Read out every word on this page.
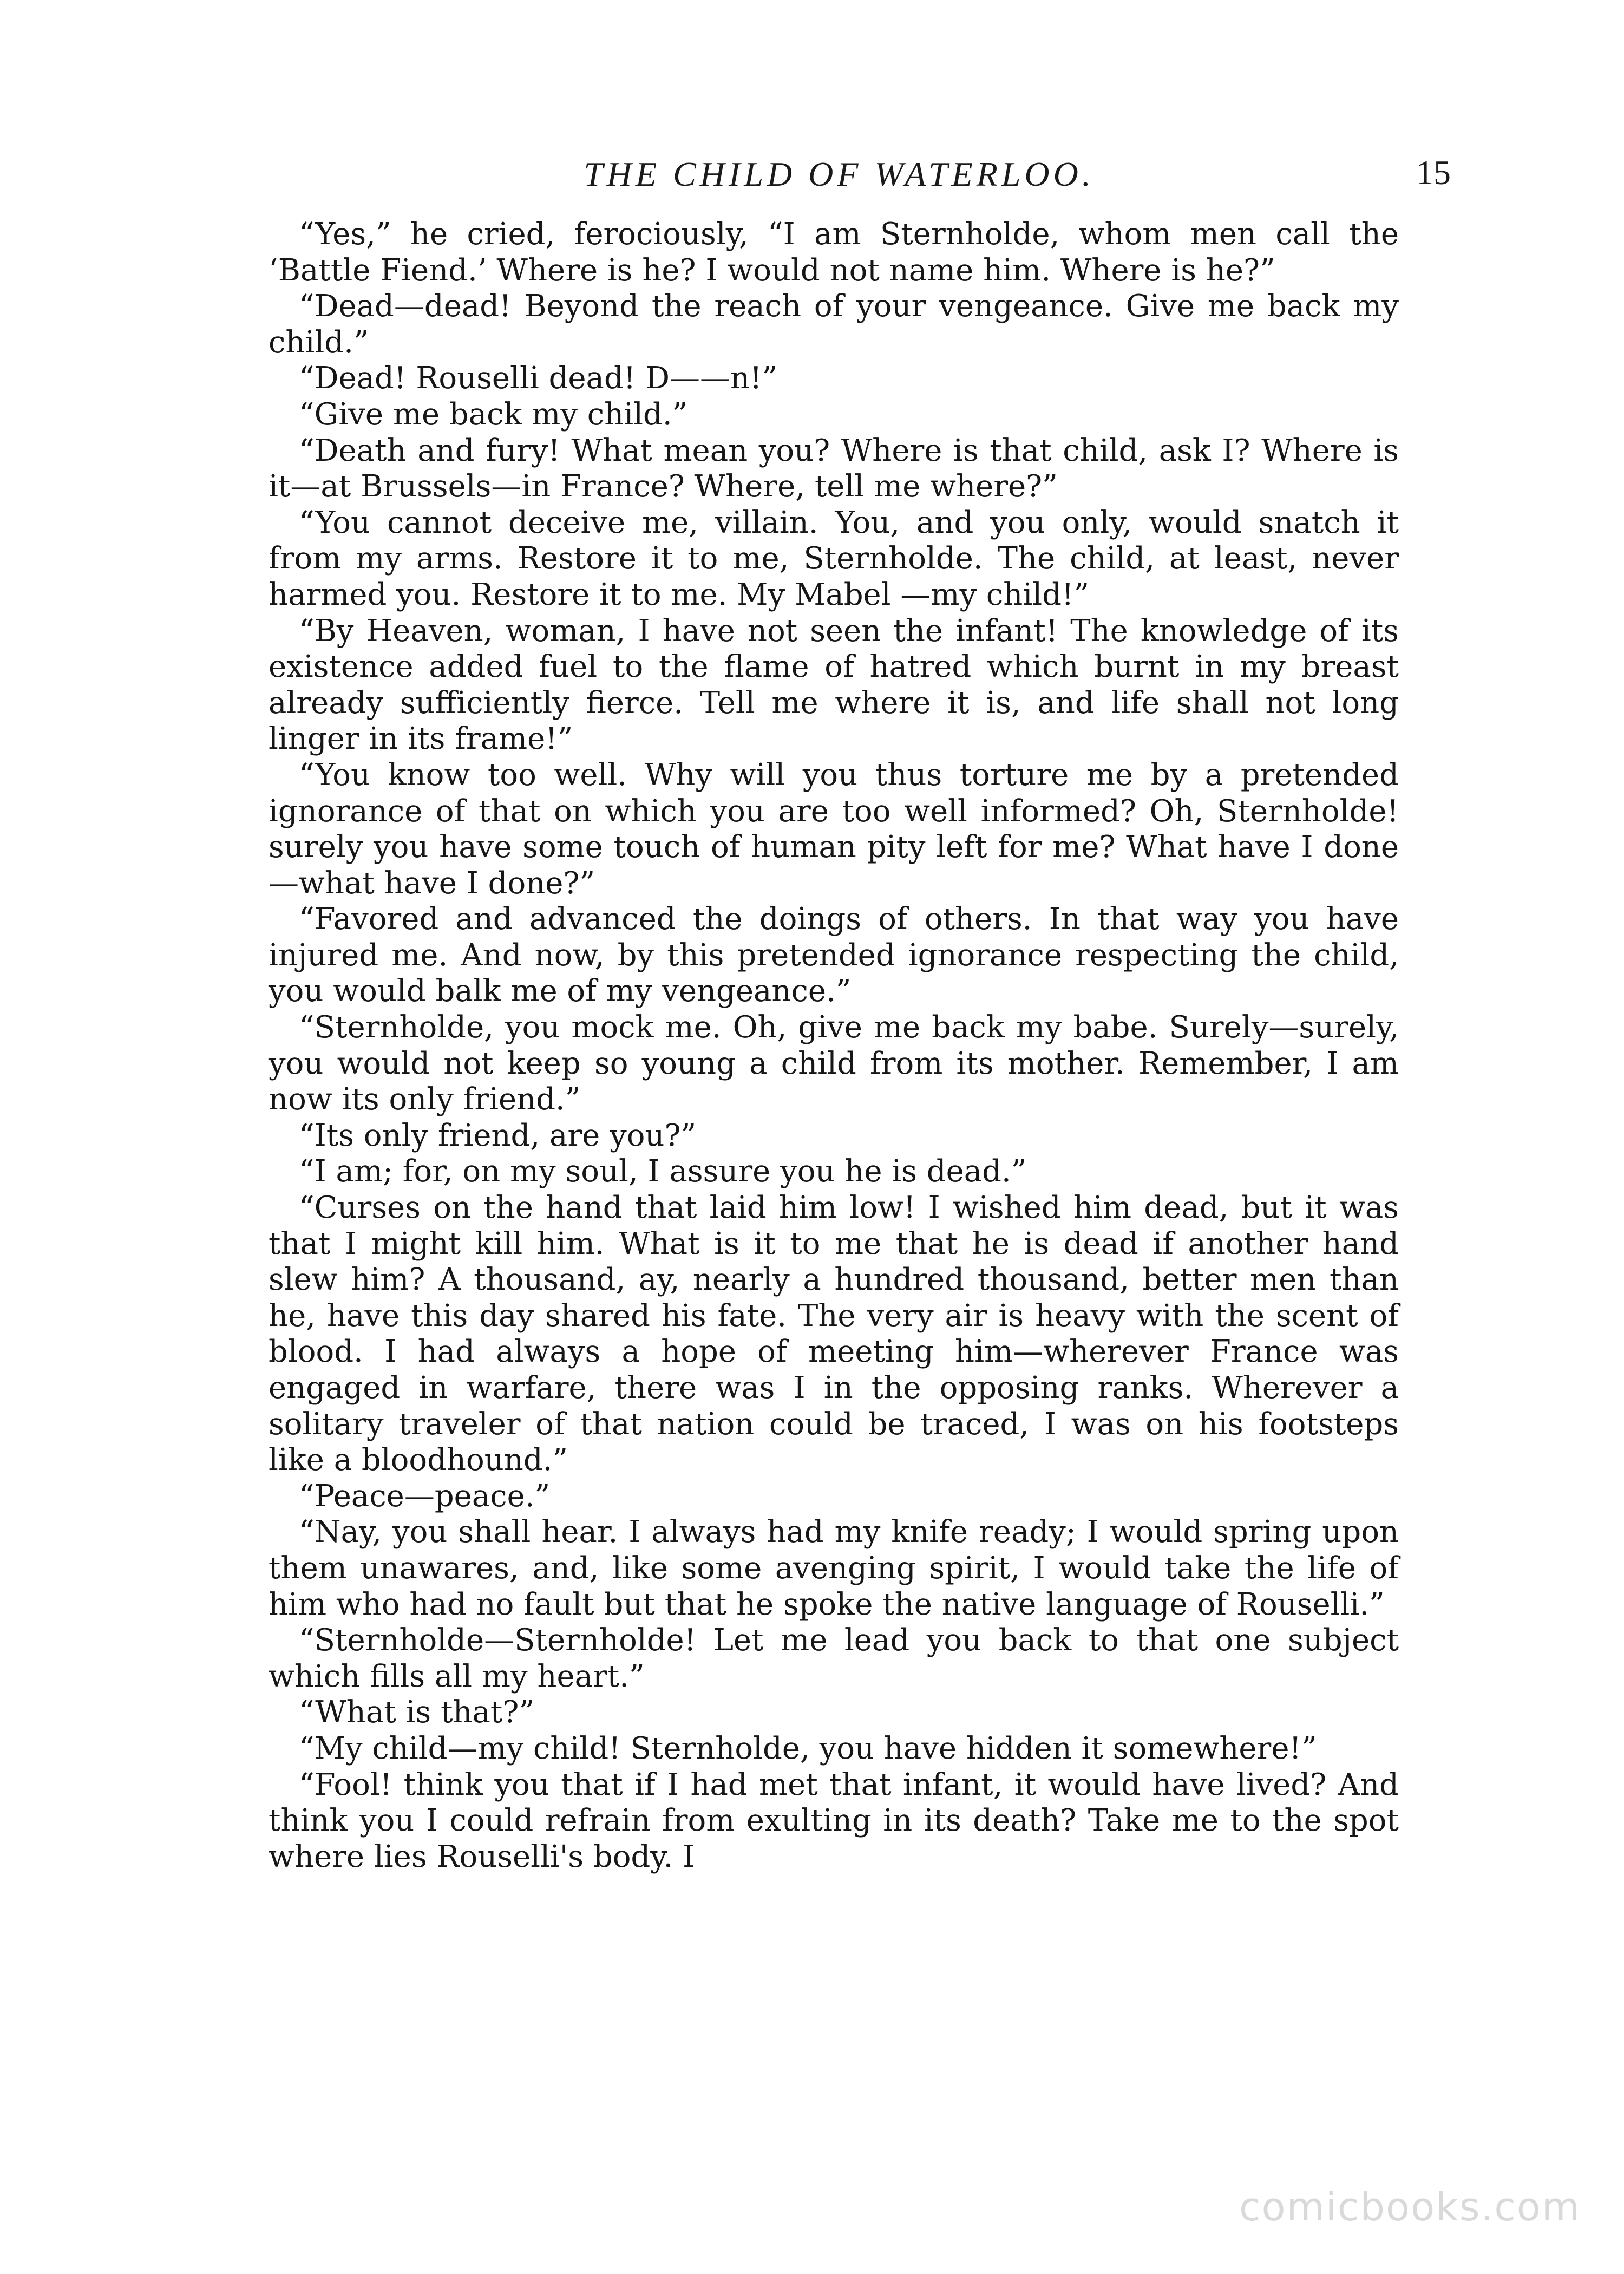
THE CHILD OF WATERLOO.	15

“Yes,” he cried, ferociously, “I am Sternholde, whom men call the ‘Battle Fiend.’ Where is he? I would not name him. Where is he?”

“Dead—dead! Beyond the reach of your vengeance. Give me back my child.”

“Dead! Rouselli dead! D——n!”

“Give me back my child.”

“Death and fury! What mean you? Where is that child, ask I? Where is it—at Brussels—in France? Where, tell me where?”

“You cannot deceive me, villain. You, and you only, would snatch it from my arms. Restore it to me, Sternholde. The child, at least, never harmed you. Restore it to me. My Mabel —my child!”

“By Heaven, woman, I have not seen the infant! The knowledge of its existence added fuel to the flame of hatred which burnt in my breast already sufficiently fierce. Tell me where it is, and life shall not long linger in its frame!”

“You know too well. Why will you thus torture me by a pretended ignorance of that on which you are too well informed? Oh, Sternholde! surely you have some touch of human pity left for me? What have I done—what have I done?”

“Favored and advanced the doings of others. In that way you have injured me. And now, by this pretended ignorance respecting the child, you would balk me of my vengeance.”

“Sternholde, you mock me. Oh, give me back my babe. Surely—surely, you would not keep so young a child from its mother. Remember, I am now its only friend.”

“Its only friend, are you?”

“I am; for, on my soul, I assure you he is dead.”

“Curses on the hand that laid him low! I wished him dead, but it was that I might kill him. What is it to me that he is dead if another hand slew him? A thousand, ay, nearly a hundred thousand, better men than he, have this day shared his fate. The very air is heavy with the scent of blood. I had always a hope of meeting him—wherever France was engaged in warfare, there was I in the opposing ranks. Wherever a solitary traveler of that nation could be traced, I was on his footsteps like a bloodhound.”

“Peace—peace.”

“Nay, you shall hear. I always had my knife ready; I would spring upon them unawares, and, like some avenging spirit, I would take the life of him who had no fault but that he spoke the native language of Rouselli.”

“Sternholde—Sternholde! Let me lead you back to that one subject which fills all my heart.”

“What is that?”

“My child—my child! Sternholde, you have hidden it somewhere!”

“Fool! think you that if I had met that infant, it would have lived? And think you I could refrain from exulting in its death? Take me to the spot where lies Rouselli's body. I

comicbooks.com
